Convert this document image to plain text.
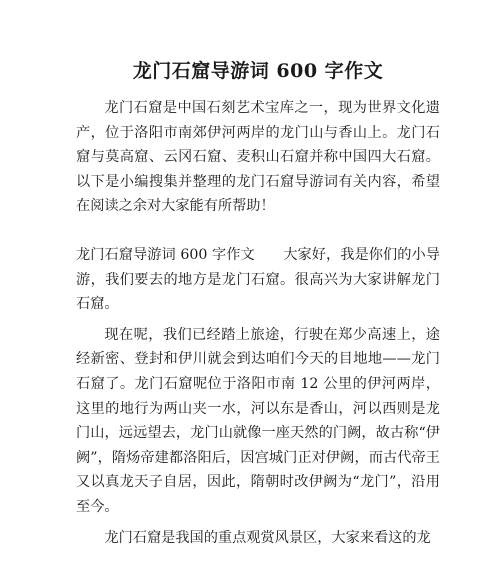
龙门石窟导游词 600 字作文

龙门石窟是中国石刻艺术宝库之一，现为世界文化遗产，位于洛阳市南郊伊河两岸的龙门山与香山上。龙门石窟与莫高窟、云冈石窟、麦积山石窟并称中国四大石窟。以下是小编搜集并整理的龙门石窟导游词有关内容，希望在阅读之余对大家能有所帮助！

龙门石窟导游词 600 字作文　　大家好，我是你们的小导游，我们要去的地方是龙门石窟。很高兴为大家讲解龙门石窟。

现在呢，我们已经踏上旅途，行驶在郑少高速上，途经新密、登封和伊川就会到达咱们今天的目地地——龙门石窟了。龙门石窟呢位于洛阳市南 12 公里的伊河两岸，这里的地行为两山夹一水，河以东是香山，河以西则是龙门山，远远望去，龙门山就像一座天然的门阙，故古称“伊阙”，隋炀帝建都洛阳后，因宫城门正对伊阙，而古代帝王又以真龙天子自居，因此，隋朝时改伊阙为“龙门”，沿用至今。

龙门石窟是我国的重点观赏风景区，大家来看这的龙
